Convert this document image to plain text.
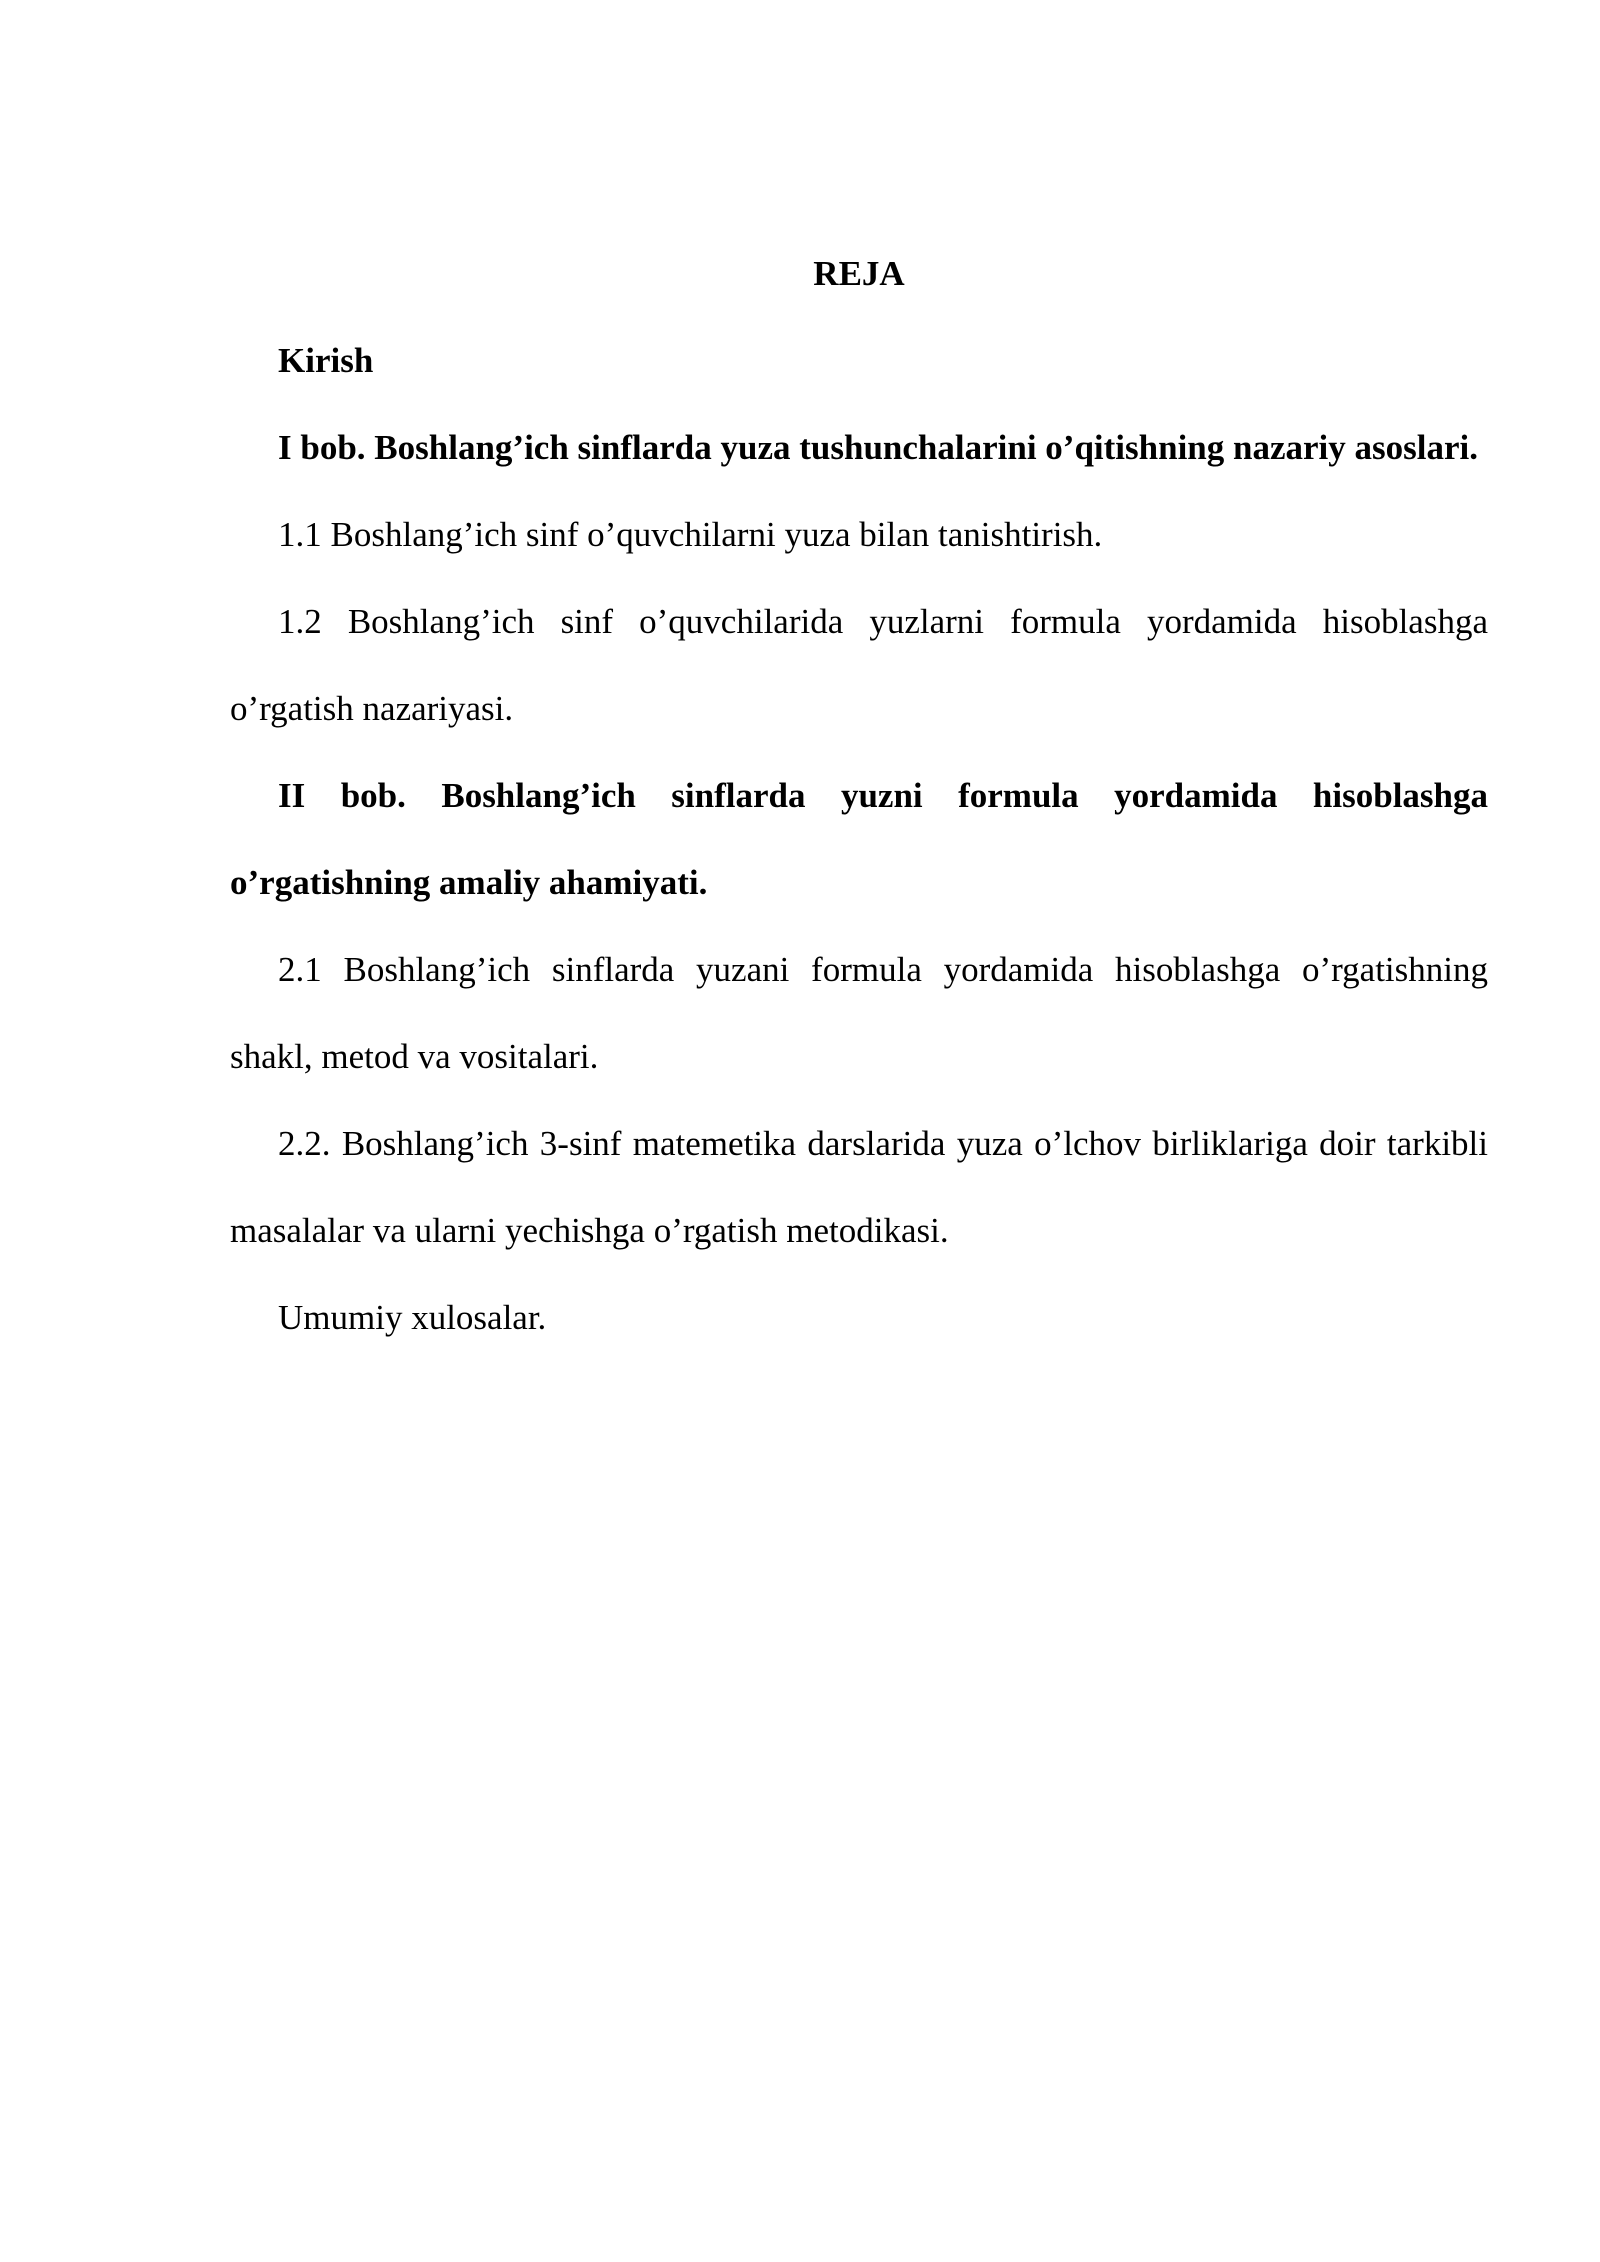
REJA

Kirish

I bob. Boshlang’ich sinflarda yuza tushunchalarini o’qitishning nazariy asoslari.

1.1 Boshlang’ich sinf o’quvchilarni yuza bilan tanishtirish.

1.2 Boshlang’ich sinf o’quvchilarida yuzlarni formula yordamida hisoblashga o’rgatish nazariyasi.

II bob. Boshlang’ich sinflarda yuzni formula yordamida hisoblashga o’rgatishning amaliy ahamiyati.

2.1 Boshlang’ich sinflarda yuzani formula yordamida hisoblashga o’rgatishning shakl, metod va vositalari.

2.2. Boshlang’ich 3-sinf matemetika darslarida yuza o’lchov birliklariga doir tarkibli masalalar va ularni yechishga o’rgatish metodikasi.

Umumiy xulosalar.
